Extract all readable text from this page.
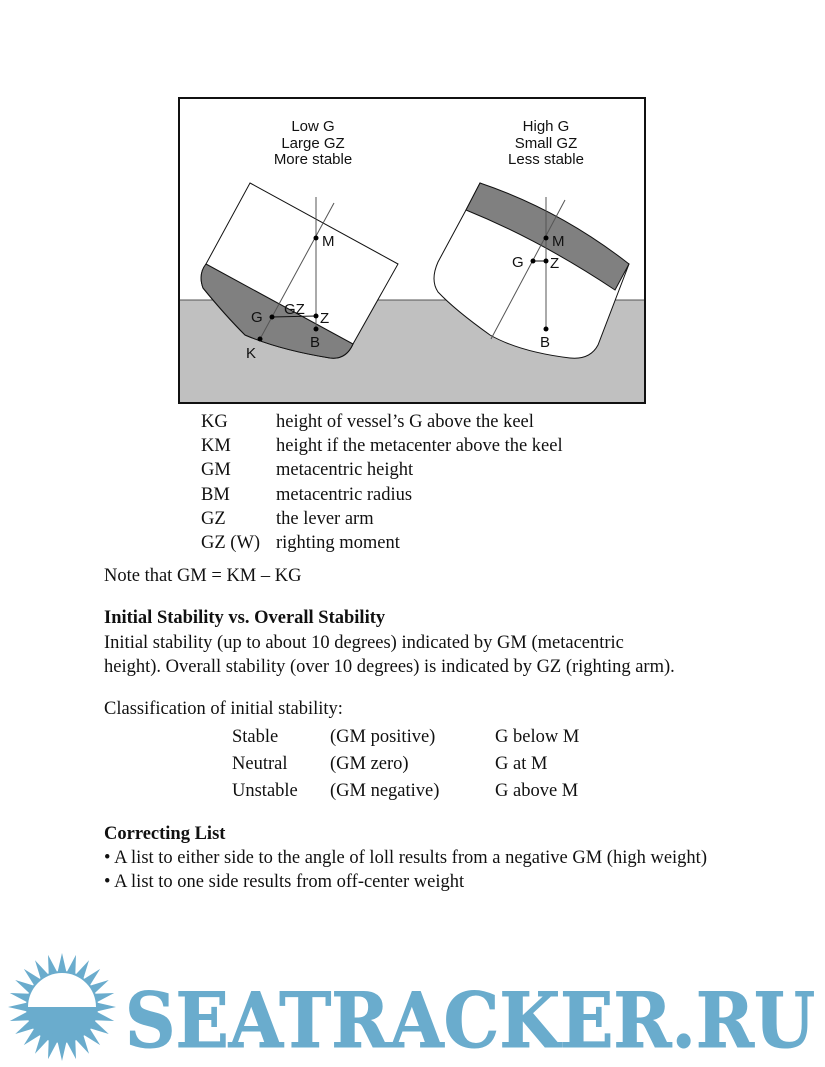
Low G Large GZ More stable
M
GZ
G	Z
B
K
High G Small GZ Less stable
M
G Z
B
KG	height of vessel’s G above the keel
KM	height if the metacenter above the keel
GM	metacentric height
BM	metacentric radius
GZ	the lever arm
GZ (W) righting moment
Note that GM = KM – KG
Initial Stability vs. Overall Stability
Initial stability (up to about 10 degrees) indicated by GM (metacentric
height). Overall stability (over 10 degrees) is indicated by GZ (righting arm).
Classification of initial stability:
Stable	(GM positive)	G below M
Neutral	(GM zero)	G at M
Unstable	(GM negative)	G above M
Correcting List
• A list to either side to the angle of loll results from a negative GM (high weight)
• A list to one side results from off-center weight
SEATRACKER.RU
